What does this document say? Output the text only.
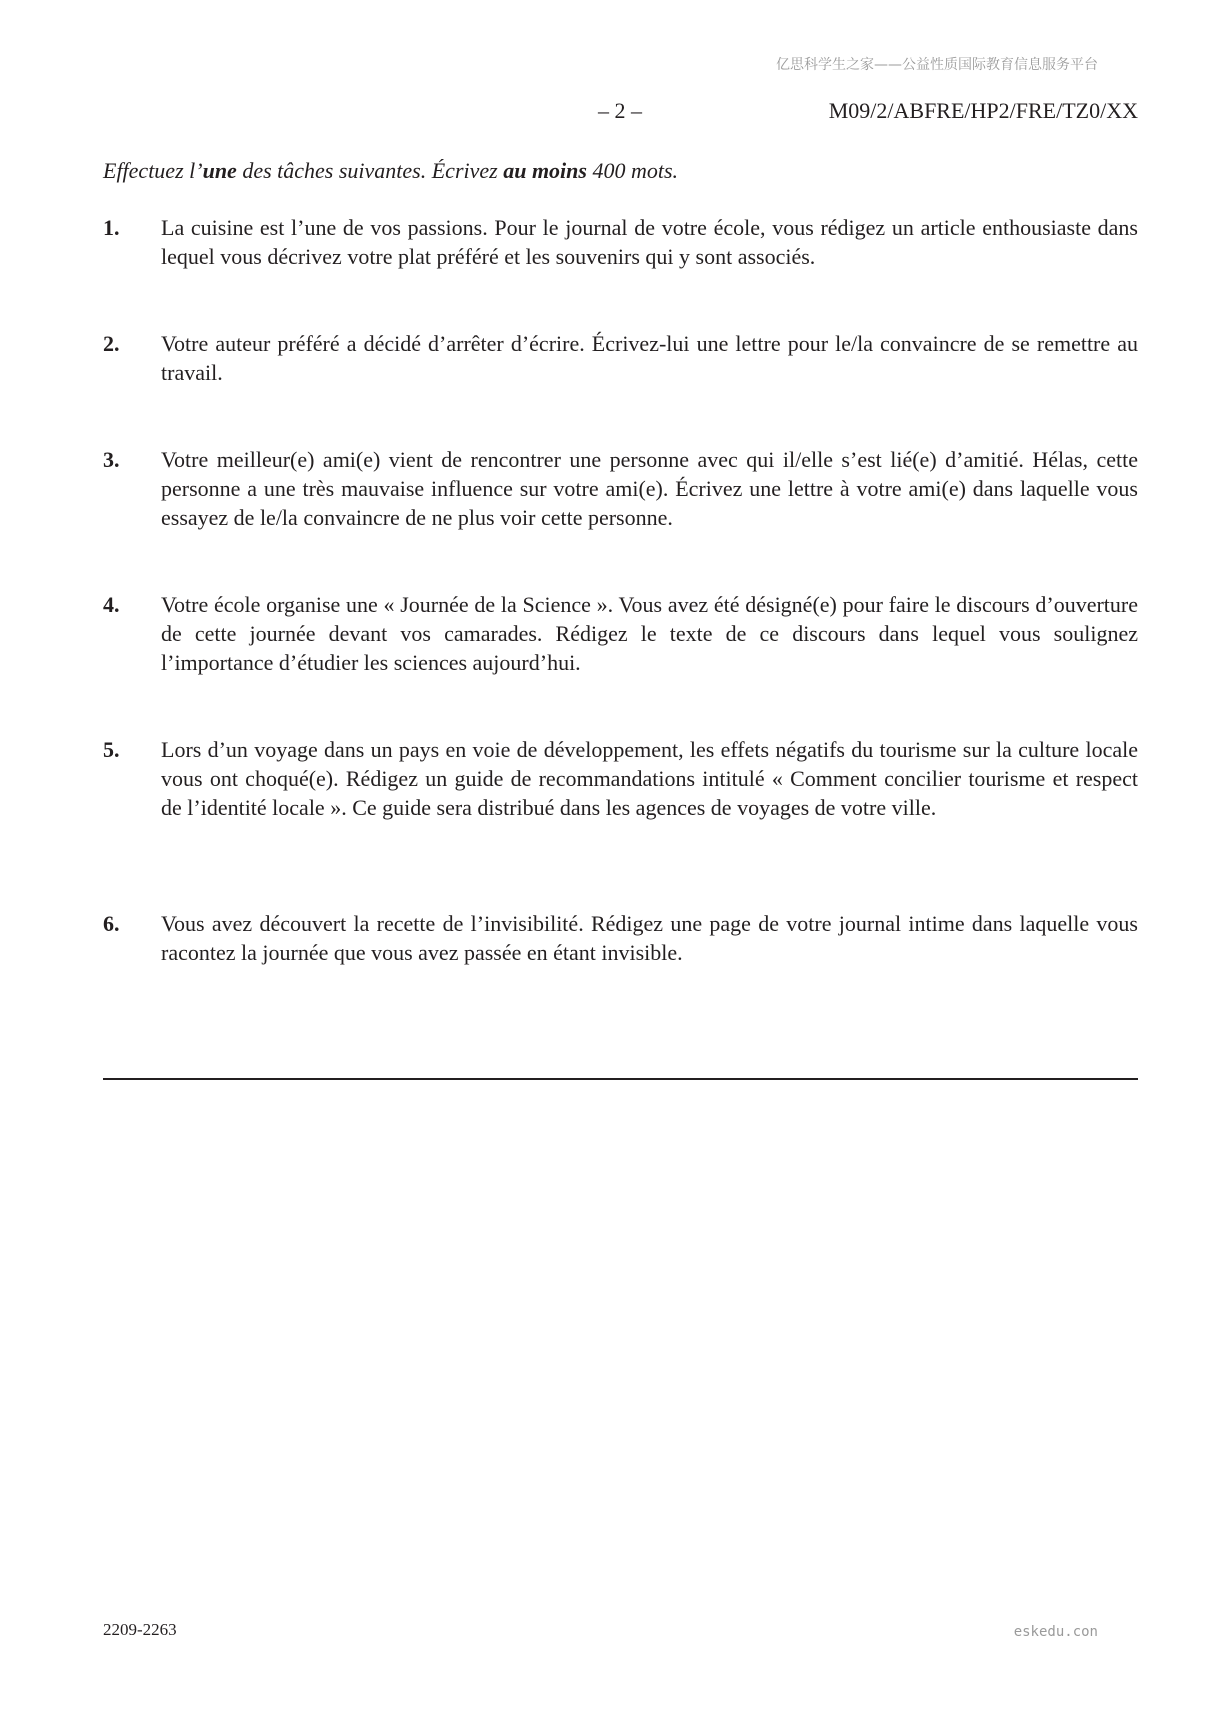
亿思科学生之家——公益性质国际教育信息服务平台
– 2 –	M09/2/ABFRE/HP2/FRE/TZ0/XX
Effectuez l’une des tâches suivantes. Écrivez au moins 400 mots.
1.	La cuisine est l’une de vos passions. Pour le journal de votre école, vous rédigez un article enthousiaste dans lequel vous décrivez votre plat préféré et les souvenirs qui y sont associés.
2.	Votre auteur préféré a décidé d’arrêter d’écrire. Écrivez-lui une lettre pour le/la convaincre de se remettre au travail.
3.	Votre meilleur(e) ami(e) vient de rencontrer une personne avec qui il/elle s’est lié(e) d’amitié. Hélas, cette personne a une très mauvaise influence sur votre ami(e). Écrivez une lettre à votre ami(e) dans laquelle vous essayez de le/la convaincre de ne plus voir cette personne.
4.	Votre école organise une « Journée de la Science ». Vous avez été désigné(e) pour faire le discours d’ouverture de cette journée devant vos camarades. Rédigez le texte de ce discours dans lequel vous soulignez l’importance d’étudier les sciences aujourd’hui.
5.	Lors d’un voyage dans un pays en voie de développement, les effets négatifs du tourisme sur la culture locale vous ont choqué(e). Rédigez un guide de recommandations intitulé « Comment concilier tourisme et respect de l’identité locale ». Ce guide sera distribué dans les agences de voyages de votre ville.
6.	Vous avez découvert la recette de l’invisibilité. Rédigez une page de votre journal intime dans laquelle vous racontez la journée que vous avez passée en étant invisible.
2209-2263	eskedu.con
